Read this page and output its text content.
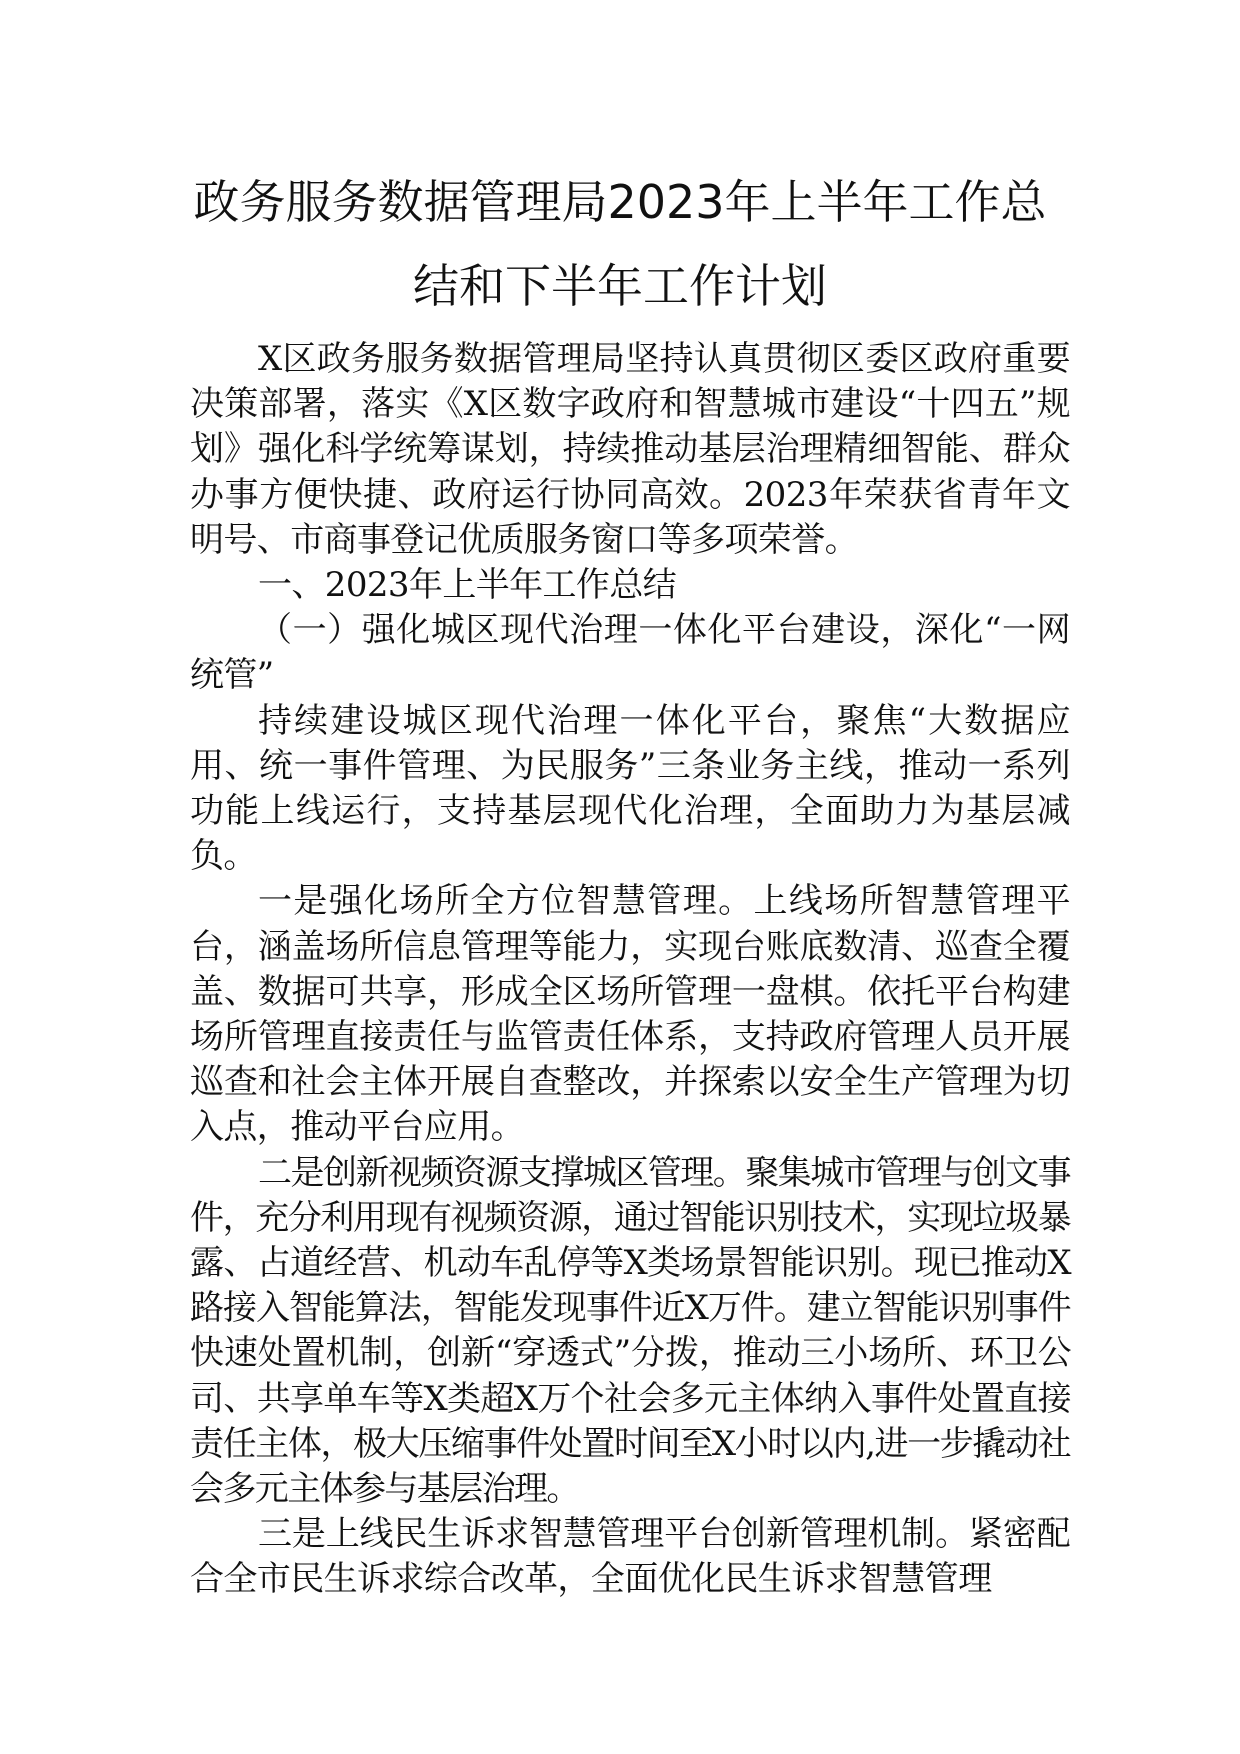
政务服务数据管理局2023年上半年工作总
结和下半年工作计划

X区政务服务数据管理局坚持认真贯彻区委区政府重要决策部署，落实《X区数字政府和智慧城市建设“十四五”规划》强化科学统筹谋划，持续推动基层治理精细智能、群众办事方便快捷、政府运行协同高效。2023年荣获省青年文明号、市商事登记优质服务窗口等多项荣誉。

一、2023年上半年工作总结

（一）强化城区现代治理一体化平台建设，深化“一网统管”

持续建设城区现代治理一体化平台，聚焦“大数据应用、统一事件管理、为民服务”三条业务主线，推动一系列功能上线运行，支持基层现代化治理，全面助力为基层减负。

一是强化场所全方位智慧管理。上线场所智慧管理平台，涵盖场所信息管理等能力，实现台账底数清、巡查全覆盖、数据可共享，形成全区场所管理一盘棋。依托平台构建场所管理直接责任与监管责任体系，支持政府管理人员开展巡查和社会主体开展自查整改，并探索以安全生产管理为切入点，推动平台应用。

二是创新视频资源支撑城区管理。聚集城市管理与创文事件，充分利用现有视频资源，通过智能识别技术，实现垃圾暴露、占道经营、机动车乱停等X类场景智能识别。现已推动X路接入智能算法，智能发现事件近X万件。建立智能识别事件快速处置机制，创新“穿透式”分拨，推动三小场所、环卫公司、共享单车等X类超X万个社会多元主体纳入事件处置直接责任主体，极大压缩事件处置时间至X小时以内,进一步撬动社会多元主体参与基层治理。

三是上线民生诉求智慧管理平台创新管理机制。紧密配合全市民生诉求综合改革，全面优化民生诉求智慧管理
